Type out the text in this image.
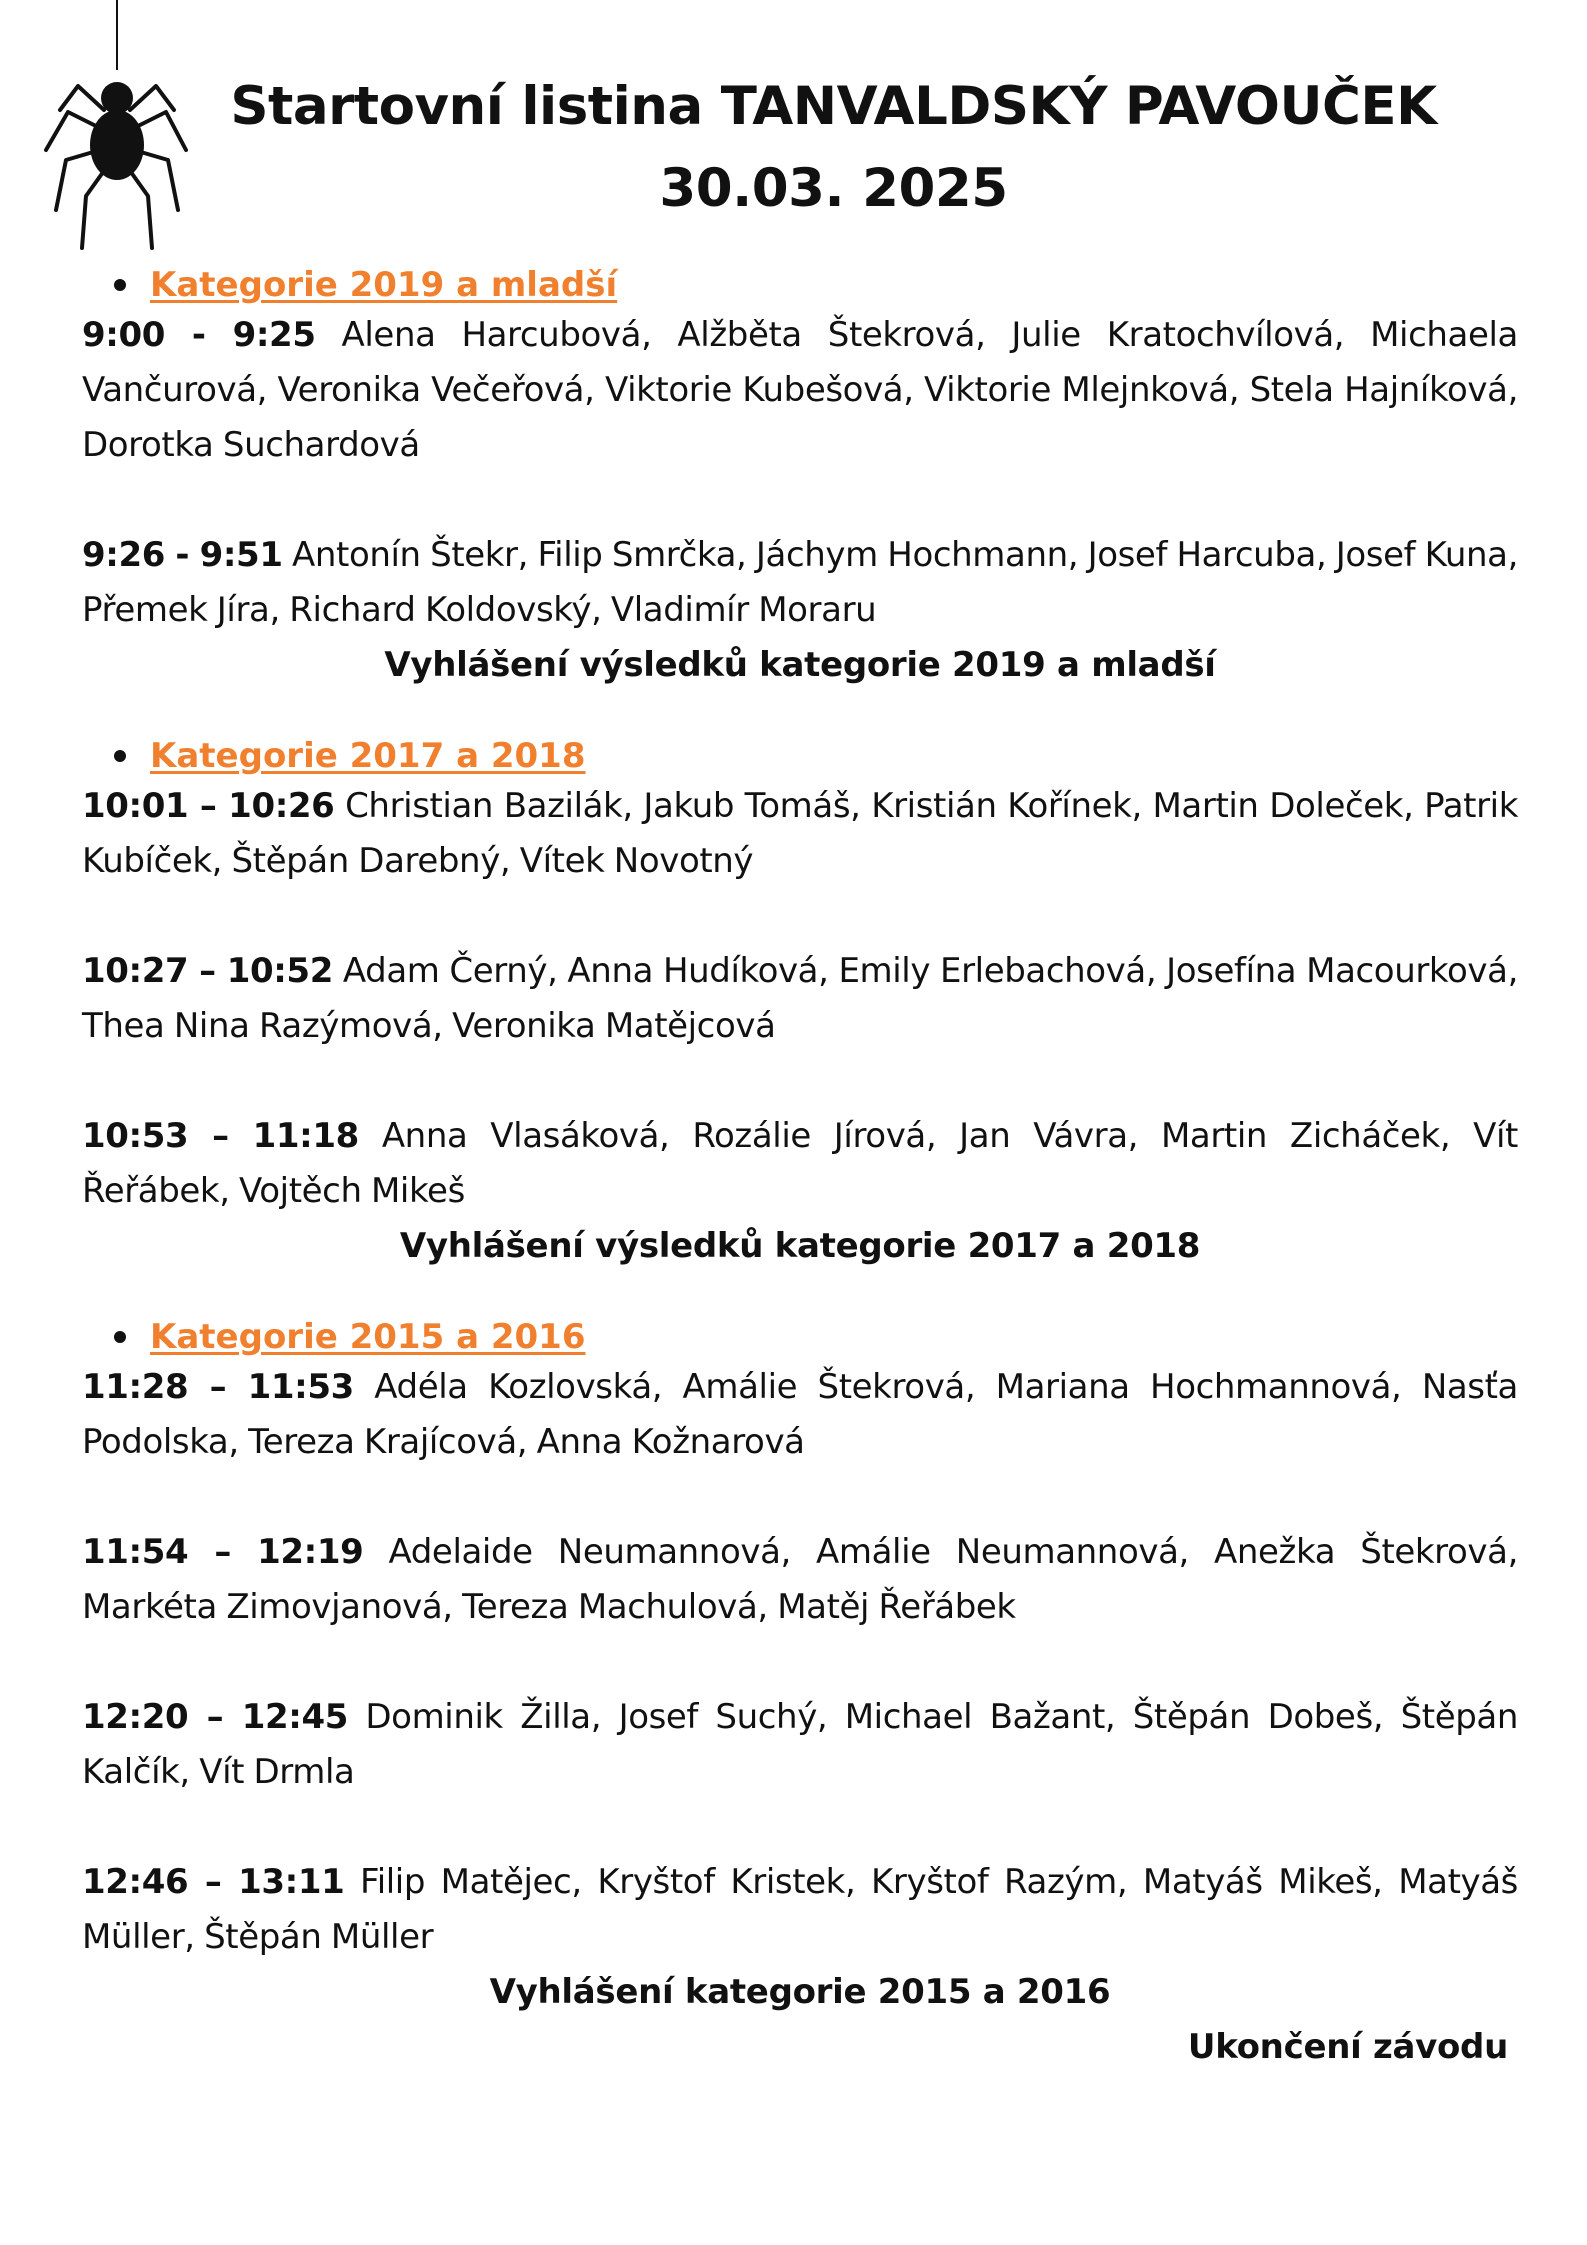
Startovní listina TANVALDSKÝ PAVOUČEK
30.03. 2025
Kategorie 2019 a mladší
9:00 - 9:25 Alena Harcubová, Alžběta Štekrová, Julie Kratochvílová, Michaela Vančurová, Veronika Večeřová, Viktorie Kubešová, Viktorie Mlejnková, Stela Hajníková, Dorotka Suchardová
9:26 - 9:51 Antonín Štekr, Filip Smrčka, Jáchym Hochmann, Josef Harcuba, Josef Kuna, Přemek Jíra, Richard Koldovský, Vladimír Moraru
Vyhlášení výsledků kategorie 2019 a mladší
Kategorie 2017 a 2018
10:01 – 10:26 Christian Bazilák, Jakub Tomáš, Kristián Kořínek, Martin Doleček, Patrik Kubíček, Štěpán Darebný, Vítek Novotný
10:27 – 10:52 Adam Černý, Anna Hudíková, Emily Erlebachová, Josefína Macourková, Thea Nina Razýmová, Veronika Matějcová
10:53 – 11:18 Anna Vlasáková, Rozálie Jírová, Jan Vávra, Martin Zicháček, Vít Řeřábek, Vojtěch Mikeš
Vyhlášení výsledků kategorie 2017 a 2018
Kategorie 2015 a 2016
11:28 – 11:53 Adéla Kozlovská, Amálie Štekrová, Mariana Hochmannová, Nasťa Podolska, Tereza Krajícová, Anna Kožnarová
11:54 – 12:19 Adelaide Neumannová, Amálie Neumannová, Anežka Štekrová, Markéta Zimovjanová, Tereza Machulová, Matěj Řeřábek
12:20 – 12:45 Dominik Žilla, Josef Suchý, Michael Bažant, Štěpán Dobeš, Štěpán Kalčík, Vít Drmla
12:46 – 13:11 Filip Matějec, Kryštof Kristek, Kryštof Razým, Matyáš Mikeš, Matyáš Müller, Štěpán Müller
Vyhlášení kategorie 2015 a 2016
Ukončení závodu
